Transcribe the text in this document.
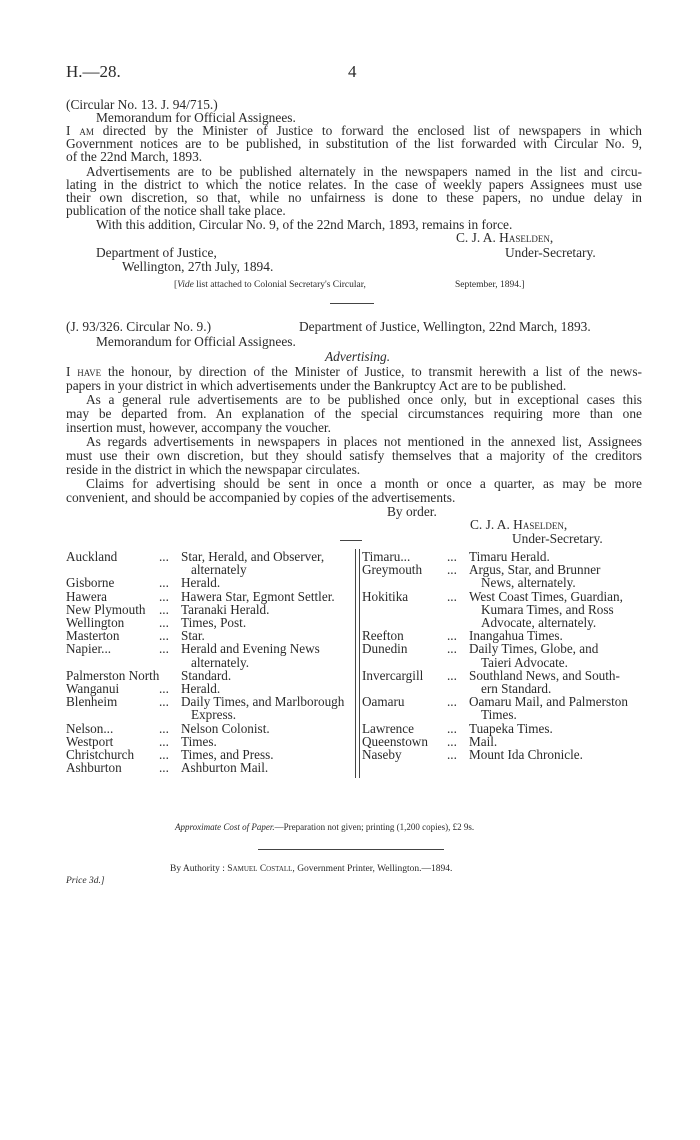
H.—28.	4
(Circular No. 13. J. 94/715.)
Memorandum for Official Assignees.
I am directed by the Minister of Justice to forward the enclosed list of newspapers in which
Government notices are to be published, in substitution of the list forwarded with Circular No. 9,
of the 22nd March, 1893.
Advertisements are to be published alternately in the newspapers named in the list and circu-
lating in the district to which the notice relates. In the case of weekly papers Assignees must use
their own discretion, so that, while no unfairness is done to these papers, no undue delay in
publication of the notice shall take place.
With this addition, Circular No. 9, of the 22nd March, 1893, remains in force.
C. J. A. Haselden,
Department of Justice,	Under-Secretary.
Wellington, 27th July, 1894.
[Vide list attached to Colonial Secretary's Circular,	September, 1894.]
(J. 93/326. Circular No. 9.)	Department of Justice, Wellington, 22nd March, 1893.
Memorandum for Official Assignees.
Advertising.
I have the honour, by direction of the Minister of Justice, to transmit herewith a list of the news-
papers in your district in which advertisements under the Bankruptcy Act are to be published.
As a general rule advertisements are to be published once only, but in exceptional cases this
may be departed from. An explanation of the special circumstances requiring more than one
insertion must, however, accompany the voucher.
As regards advertisements in newspapers in places not mentioned in the annexed list, Assignees
must use their own discretion, but they should satisfy themselves that a majority of the creditors
reside in the district in which the newspapar circulates.
Claims for advertising should be sent in once a month or once a quarter, as may be more
convenient, and should be accompanied by copies of the advertisements.
By order.
C. J. A. Haselden,
Under-Secretary.
Auckland	... Star, Herald, and Observer,
alternately
Gisborne	... Herald.
Hawera	... Hawera Star, Egmont Settler.
New Plymouth ... Taranaki Herald.
Wellington	... Times, Post.
Masterton	... Star.
Napier...	... Herald and Evening News
alternately.
Palmerston North Standard.
Wanganui	... Herald.
Blenheim	... Daily Times, and Marlborough
Express.
Nelson...	... Nelson Colonist.
Westport	... Times.
Christchurch ... Times, and Press.
Ashburton	... Ashburton Mail.
Timaru...	... Timaru Herald.
Greymouth ... Argus, Star, and Brunner
News, alternately.
Hokitika	... West Coast Times, Guardian,
Kumara Times, and Ross
Advocate, alternately.
Reefton	... Inangahua Times.
Dunedin	... Daily Times, Globe, and
Taieri Advocate.
Invercargill ... Southland News, and South-
ern Standard.
Oamaru	... Oamaru Mail, and Palmerston
Times.
Lawrence	... Tuapeka Times.
Queenstown ... Mail.
Naseby	... Mount Ida Chronicle.
Approximate Cost of Paper.—Preparation not given; printing (1,200 copies), £2 9s.
By Authority : Samuel Costall, Government Printer, Wellington.—1894.
Price 3d.]
